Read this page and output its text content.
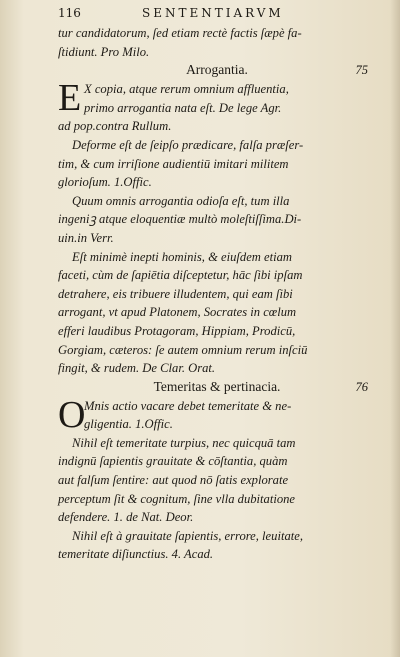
116	SENTENTIARVM
tur candidatorum, ſed etiam rectè factis ſæpè fa-
ſtidiunt. Pro Milo.
Arrogantia.	75
E X copia, atque rerum omnium affluentia,
primo arrogantia nata eſt. De lege Agr.
ad pop.contra Rullum.
Deforme eſt de ſeipſo prædicare, falſa præſer-
tim, & cum irriſione audientiū imitari militem
glorioſum. 1.Offic.
Quum omnis arrogantia odioſa eſt, tum illa
ingeniꝫ atque eloquentiæ multò moleſtiſſima.Di-
uin.in Verr.
Eſt minimè inepti hominis, & eiuſdem etiam
faceti, cùm de ſapiētia diſceptetur, hāc ſibi ipſam
detrahere, eis tribuere illudentem, qui eam ſibi
arrogant, vt apud Platonem, Socrates in cœlum
efferi laudibus Protagoram, Hippiam, Prodicū,
Gorgiam, cæteros: ſe autem omnium rerum inſciū
fingit, & rudem. De Clar. Orat.
Temeritas & pertinacia.	76
O
Mnis actio vacare debet temeritate & ne-
gligentia. 1.Offic.
Nihil eſt temeritate turpius, nec quicquā tam
indignū ſapientis grauitate & cōſtantia, quàm
aut falſum ſentire: aut quod nō ſatis explorate
perceptum ſit & cognitum, ſine vlla dubitatione
defendere. 1. de Nat. Deor.
Nihil eſt à grauitate ſapientis, errore, leuitate,
temeritate diſiunctius. 4. Acad.
